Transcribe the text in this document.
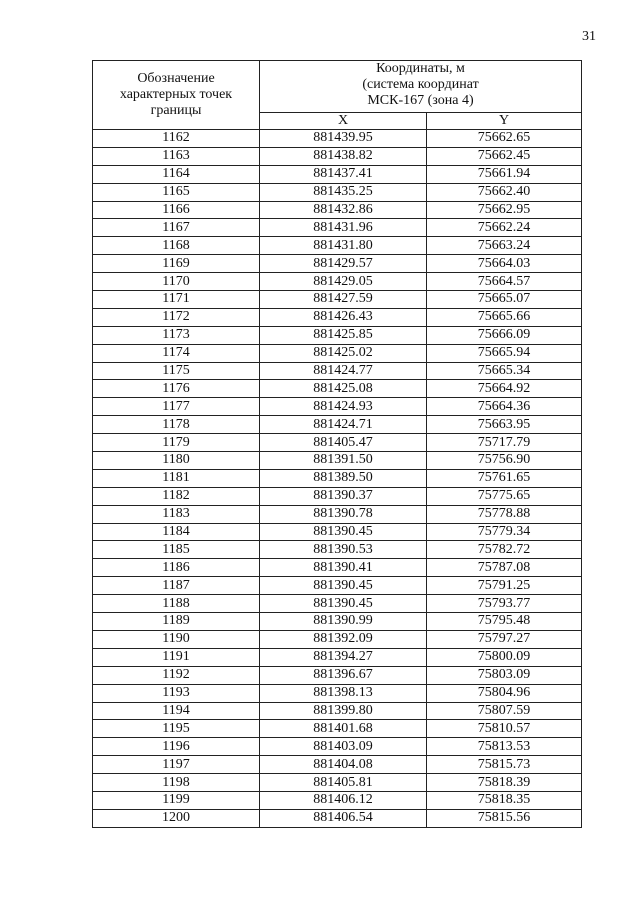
31
Обозначение характерных точек границы	Координаты, м
(система координат
МСК-167 (зона 4)	

	X	Y
1162	881439.95	75662.65
1163	881438.82	75662.45
1164	881437.41	75661.94
1165	881435.25	75662.40
1166	881432.86	75662.95
1167	881431.96	75662.24
1168	881431.80	75663.24
1169	881429.57	75664.03
1170	881429.05	75664.57
1171	881427.59	75665.07
1172	881426.43	75665.66
1173	881425.85	75666.09
1174	881425.02	75665.94
1175	881424.77	75665.34
1176	881425.08	75664.92
1177	881424.93	75664.36
1178	881424.71	75663.95
1179	881405.47	75717.79
1180	881391.50	75756.90
1181	881389.50	75761.65
1182	881390.37	75775.65
1183	881390.78	75778.88
1184	881390.45	75779.34
1185	881390.53	75782.72
1186	881390.41	75787.08
1187	881390.45	75791.25
1188	881390.45	75793.77
1189	881390.99	75795.48
1190	881392.09	75797.27
1191	881394.27	75800.09
1192	881396.67	75803.09
1193	881398.13	75804.96
1194	881399.80	75807.59
1195	881401.68	75810.57
1196	881403.09	75813.53
1197	881404.08	75815.73
1198	881405.81	75818.39
1199	881406.12	75818.35
1200	881406.54	75815.56
